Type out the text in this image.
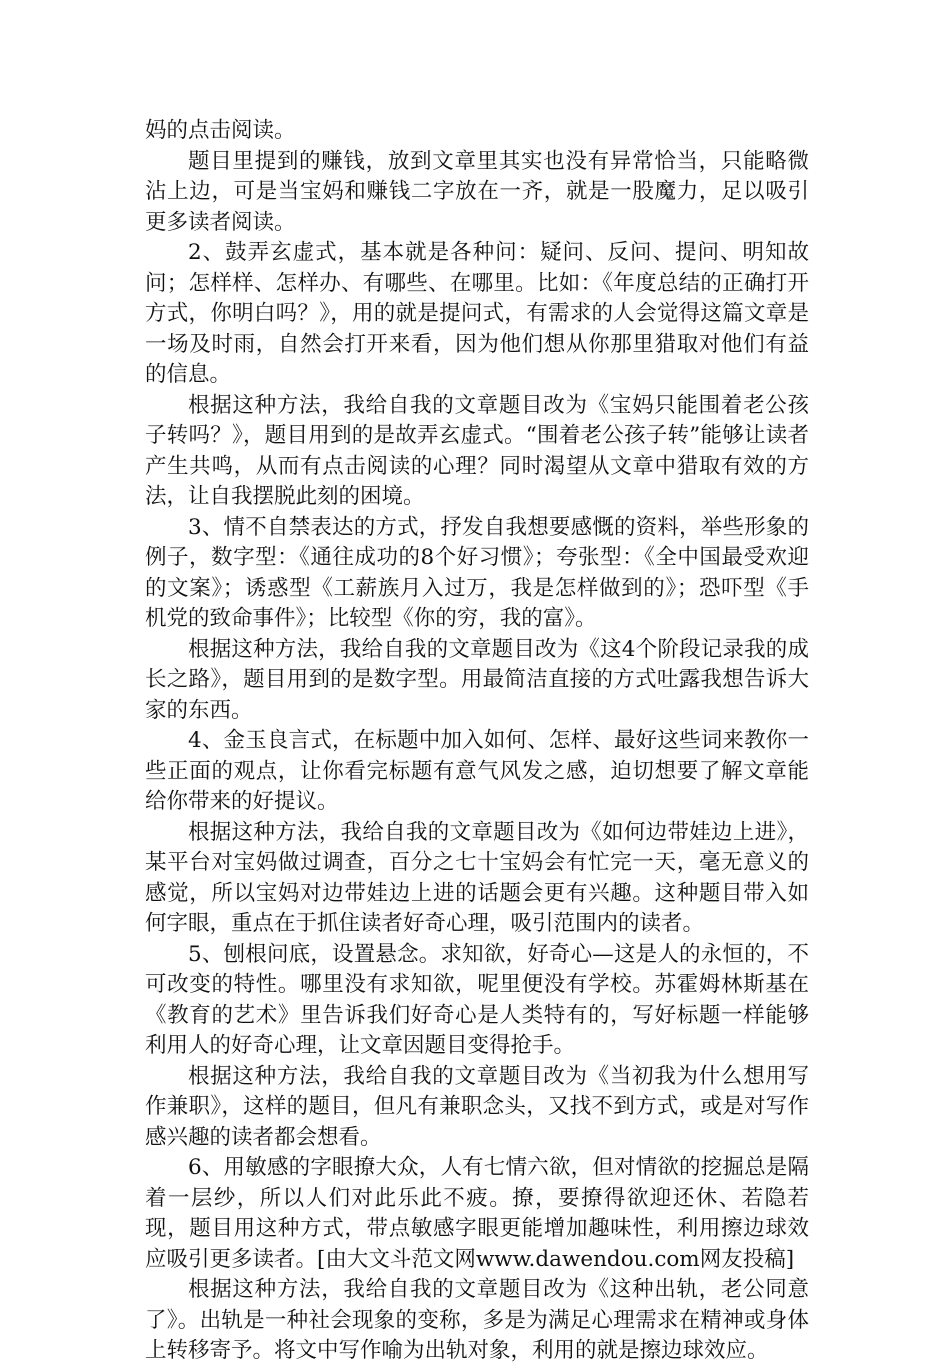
妈的点击阅读。

题目里提到的赚钱，放到文章里其实也没有异常恰当，只能略微沾上边，可是当宝妈和赚钱二字放在一齐，就是一股魔力，足以吸引更多读者阅读。

2、鼓弄玄虚式，基本就是各种问：疑问、反问、提问、明知故问；怎样样、怎样办、有哪些、在哪里。比如：《年度总结的正确打开方式，你明白吗？》，用的就是提问式，有需求的人会觉得这篇文章是一场及时雨，自然会打开来看，因为他们想从你那里猎取对他们有益的信息。

根据这种方法，我给自我的文章题目改为《宝妈只能围着老公孩子转吗？》，题目用到的是故弄玄虚式。“围着老公孩子转”能够让读者产生共鸣，从而有点击阅读的心理？同时渴望从文章中猎取有效的方法，让自我摆脱此刻的困境。

3、情不自禁表达的方式，抒发自我想要感慨的资料，举些形象的例子，数字型：《通往成功的8个好习惯》；夸张型：《全中国最受欢迎的文案》；诱惑型《工薪族月入过万，我是怎样做到的》；恐吓型《手机党的致命事件》；比较型《你的穷，我的富》。

根据这种方法，我给自我的文章题目改为《这4个阶段记录我的成长之路》，题目用到的是数字型。用最简洁直接的方式吐露我想告诉大家的东西。

4、金玉良言式，在标题中加入如何、怎样、最好这些词来教你一些正面的观点，让你看完标题有意气风发之感，迫切想要了解文章能给你带来的好提议。

根据这种方法，我给自我的文章题目改为《如何边带娃边上进》，某平台对宝妈做过调查，百分之七十宝妈会有忙完一天，毫无意义的感觉，所以宝妈对边带娃边上进的话题会更有兴趣。这种题目带入如何字眼，重点在于抓住读者好奇心理，吸引范围内的读者。

5、刨根问底，设置悬念。求知欲，好奇心—这是人的永恒的，不可改变的特性。哪里没有求知欲，呢里便没有学校。苏霍姆林斯基在《教育的艺术》里告诉我们好奇心是人类特有的，写好标题一样能够利用人的好奇心理，让文章因题目变得抢手。

根据这种方法，我给自我的文章题目改为《当初我为什么想用写作兼职》，这样的题目，但凡有兼职念头，又找不到方式，或是对写作感兴趣的读者都会想看。

6、用敏感的字眼撩大众，人有七情六欲，但对情欲的挖掘总是隔着一层纱，所以人们对此乐此不疲。撩，要撩得欲迎还休、若隐若现，题目用这种方式，带点敏感字眼更能增加趣味性，利用擦边球效应吸引更多读者。[由大文斗范文网www.dawendou.com网友投稿]

根据这种方法，我给自我的文章题目改为《这种出轨，老公同意了》。出轨是一种社会现象的变称，多是为满足心理需求在精神或身体上转移寄予。将文中写作喻为出轨对象，利用的就是擦边球效应。
